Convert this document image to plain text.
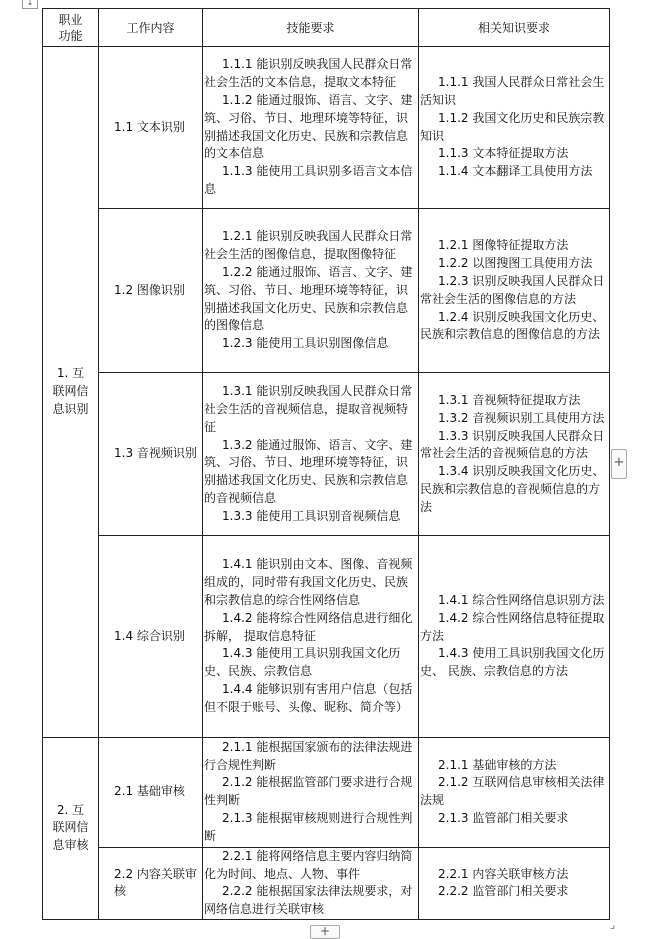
↓
职业功能	工作内容	技能要求	相关知识要求
1. 互联网信息识别	1.1 文本识别	1.1.1 能识别反映我国人民群众日常社会生活的文本信息，提取文本特征
1.1.2 能通过服饰、语言、文字、建筑、习俗、节日、地理环境等特征，识别描述我国文化历史、民族和宗教信息的文本信息
1.1.3 能使用工具识别多语言文本信息	1.1.1 我国人民群众日常社会生活知识
1.1.2 我国文化历史和民族宗教知识
1.1.3 文本特征提取方法
1.1.4 文本翻译工具使用方法

	1.2 图像识别	1.2.1 能识别反映我国人民群众日常社会生活的图像信息，提取图像特征
1.2.2 能通过服饰、语言、文字、建筑、习俗、节日、地理环境等特征，识别描述我国文化历史、民族和宗教信息的图像信息
1.2.3 能使用工具识别图像信息	1.2.1 图像特征提取方法
1.2.2 以图搜图工具使用方法
1.2.3 识别反映我国人民群众日常社会生活的图像信息的方法
1.2.4 识别反映我国文化历史、民族和宗教信息的图像信息的方法

	1.3 音视频识别	1.3.1 能识别反映我国人民群众日常社会生活的音视频信息，提取音视频特征
1.3.2 能通过服饰、语言、文字、建筑、习俗、节日、地理环境等特征，识别描述我国文化历史、民族和宗教信息的音视频信息
1.3.3 能使用工具识别音视频信息	1.3.1 音视频特征提取方法
1.3.2 音视频识别工具使用方法
1.3.3 识别反映我国人民群众日常社会生活的音视频信息的方法
1.3.4 识别反映我国文化历史、民族和宗教信息的音视频信息的方法

	1.4 综合识别	1.4.1 能识别由文本、图像、音视频组成的，同时带有我国文化历史、民族和宗教信息的综合性网络信息
1.4.2 能将综合性网络信息进行细化拆解， 提取信息特征
1.4.3 能使用工具识别我国文化历史、民族、宗教信息
1.4.4 能够识别有害用户信息（包括但不限于账号、头像、昵称、简介等）	1.4.1 综合性网络信息识别方法
1.4.2 综合性网络信息特征提取方法
1.4.3 使用工具识别我国文化历史、 民族、宗教信息的方法

2. 互联网信息审核	2.1 基础审核	2.1.1 能根据国家颁布的法律法规进行合规性判断
2.1.2 能根据监管部门要求进行合规性判断
2.1.3 能根据审核规则进行合规性判断	2.1.1 基础审核的方法
2.1.2 互联网信息审核相关法律法规
2.1.3 监管部门相关要求

	2.2 内容关联审核	2.2.1 能将网络信息主要内容归纳简化为时间、地点、人物、事件
2.2.2 能根据国家法律法规要求，对网络信息进行关联审核	2.2.1 内容关联审核方法
2.2.2 监管部门相关要求
+
+	⌟
